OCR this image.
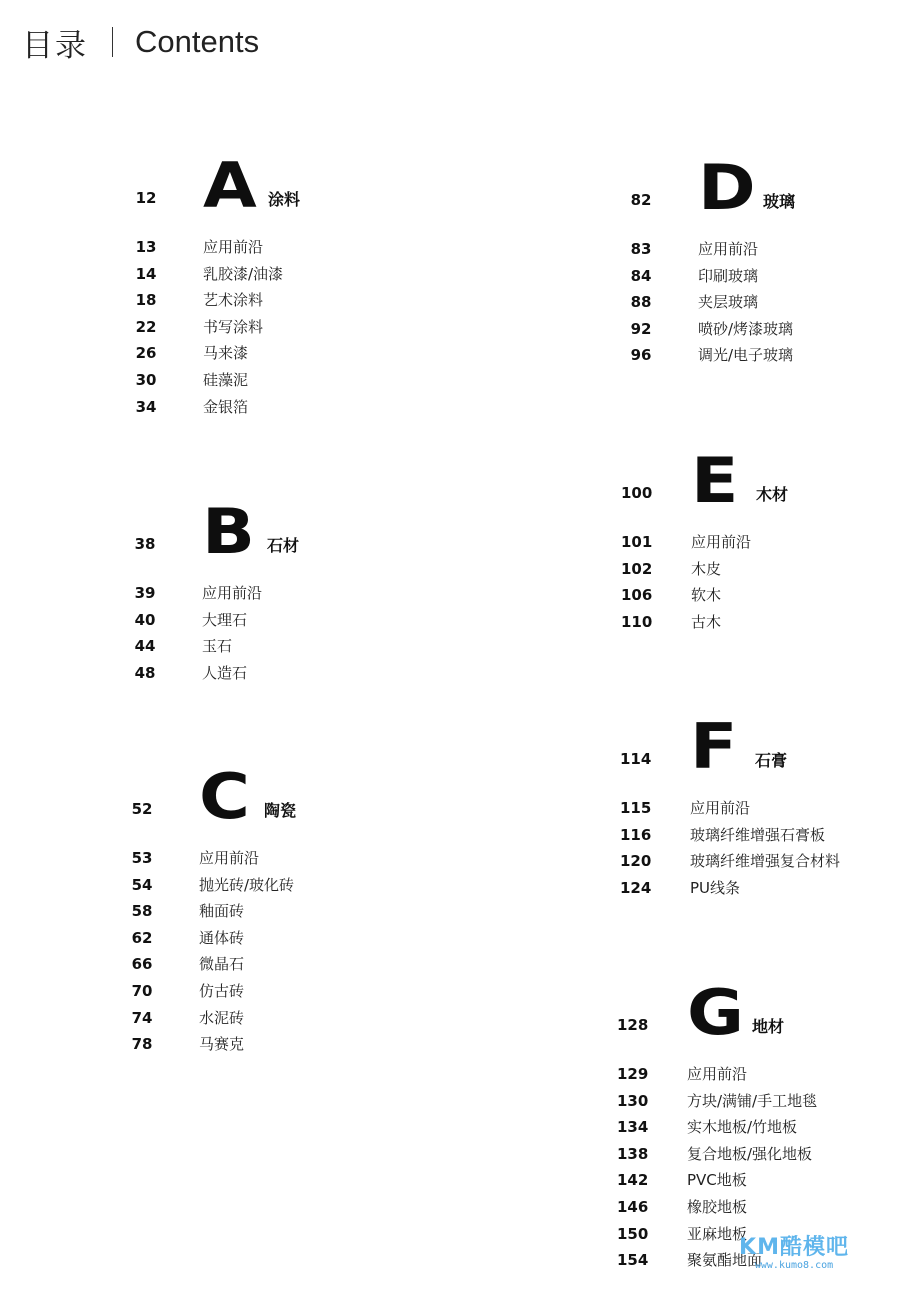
目录 Contents
12 A 涂料
13	应用前沿
14	乳胶漆/油漆
18	艺术涂料
22	书写涂料
26	马来漆
30	硅藻泥
34	金银箔
38 B 石材
39	应用前沿
40	大理石
44	玉石
48	人造石
52 C 陶瓷
53	应用前沿
54	抛光砖/玻化砖
58	釉面砖
62	通体砖
66	微晶石
70	仿古砖
74	水泥砖
78	马赛克
82 D 玻璃
83	应用前沿
84	印刷玻璃
88	夹层玻璃
92	喷砂/烤漆玻璃
96	调光/电子玻璃
100 E 木材
101	应用前沿
102	木皮
106	软木
110	古木
114 F 石膏
115	应用前沿
116	玻璃纤维增强石膏板
120	玻璃纤维增强复合材料
124	PU线条
128 G 地材
129	应用前沿
130	方块/满铺/手工地毯
134	实木地板/竹地板
138	复合地板/强化地板
142	PVC地板
146	橡胶地板
150	亚麻地板
154	聚氨酯地面
KM酷模吧
www.kumo8.com
